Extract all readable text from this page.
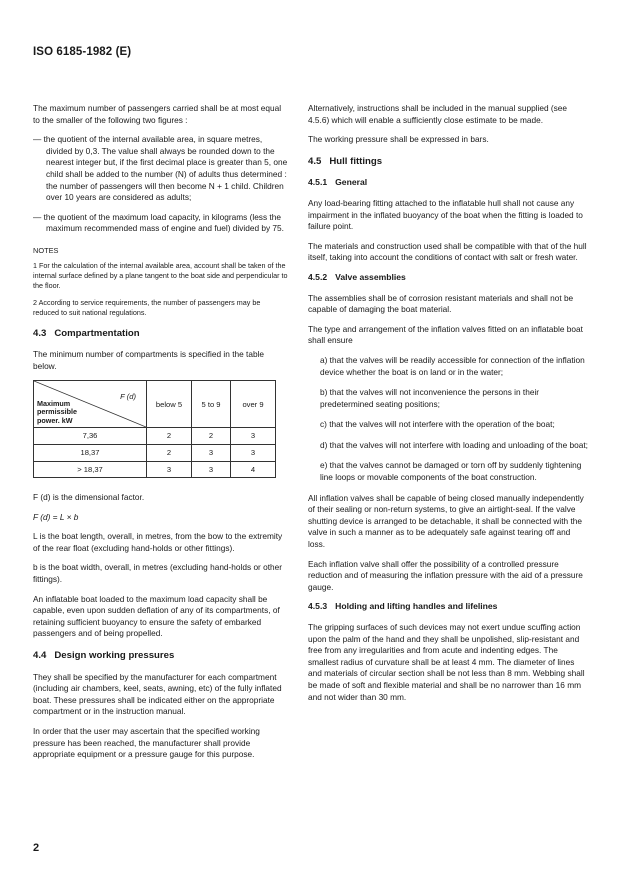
ISO 6185-1982 (E)

The maximum number of passengers carried shall be at most equal to the smaller of the following two figures :

— the quotient of the internal available area, in square metres, divided by 0,3. The value shall always be rounded down to the nearest integer but, if the first decimal place is greater than 5, one child shall be added to the number (N) of adults thus determined : the number of passengers will then become N + 1 child. Children over 10 years are considered as adults;

— the quotient of the maximum load capacity, in kilograms (less the maximum recommended mass of engine and fuel) divided by 75.

NOTES

1 For the calculation of the internal available area, account shall be taken of the internal surface defined by a plane tangent to the boat side and perpendicular to the floor.

2 According to service requirements, the number of passengers may be reduced to suit national regulations.

4.3 Compartmentation

The minimum number of compartments is specified in the table below.

F (d)
Maximum
permissible
power. kW	below 5	5 to 9	over 9
7,36	2	2	3
18,37	2	3	3
> 18,37	3	3	4

F (d) is the dimensional factor.

F (d) = L × b

L is the boat length, overall, in metres, from the bow to the extremity of the rear float (excluding hand-holds or other fittings).

b is the boat width, overall, in metres (excluding hand-holds or other fittings).

An inflatable boat loaded to the maximum load capacity shall be capable, even upon sudden deflation of any of its compartments, of retaining sufficient buoyancy to ensure the safety of embarked passengers and of being propelled.

4.4 Design working pressures

They shall be specified by the manufacturer for each compartment (including air chambers, keel, seats, awning, etc) of the fully inflated boat. These pressures shall be indicated either on the appropriate compartment or in the instruction manual.

In order that the user may ascertain that the specified working pressure has been reached, the manufacturer shall provide appropriate equipment or a pressure gauge for this purpose.

Alternatively, instructions shall be included in the manual supplied (see 4.5.6) which will enable a sufficiently close estimate to be made.

The working pressure shall be expressed in bars.

4.5 Hull fittings
4.5.1 General

Any load-bearing fitting attached to the inflatable hull shall not cause any impairment in the inflated buoyancy of the boat when the fitting is loaded to failure point.

The materials and construction used shall be compatible with that of the hull itself, taking into account the conditions of contact with salt or fresh water.

4.5.2 Valve assemblies

The assemblies shall be of corrosion resistant materials and shall not be capable of damaging the boat material.

The type and arrangement of the inflation valves fitted on an inflatable boat shall ensure

a) that the valves will be readily accessible for connection of the inflation device whether the boat is on land or in the water;

b) that the valves will not inconvenience the persons in their predetermined seating positions;

c) that the valves will not interfere with the operation of the boat;

d) that the valves will not interfere with loading and unloading of the boat;

e) that the valves cannot be damaged or torn off by suddenly tightening line loops or movable components of the boat construction.

All inflation valves shall be capable of being closed manually independently of their sealing or non-return systems, to give an airtight-seal. If the valve shutting device is arranged to be detachable, it shall be connected with the valve in such a manner as to be adequately safe against tearing off and loss.

Each inflation valve shall offer the possibility of a controlled pressure reduction and of measuring the inflation pressure with the aid of a pressure gauge.

4.5.3 Holding and lifting handles and lifelines

The gripping surfaces of such devices may not exert undue scuffing action upon the palm of the hand and they shall be unpolished, slip-resistant and free from any irregularities and from acute and indenting edges. The smallest radius of curvature shall be at least 4 mm. The diameter of lines and materials of circular section shall be not less than 8 mm. Webbing shall be made of soft and flexible material and shall be no narrower than 16 mm and not wider than 30 mm.

2
